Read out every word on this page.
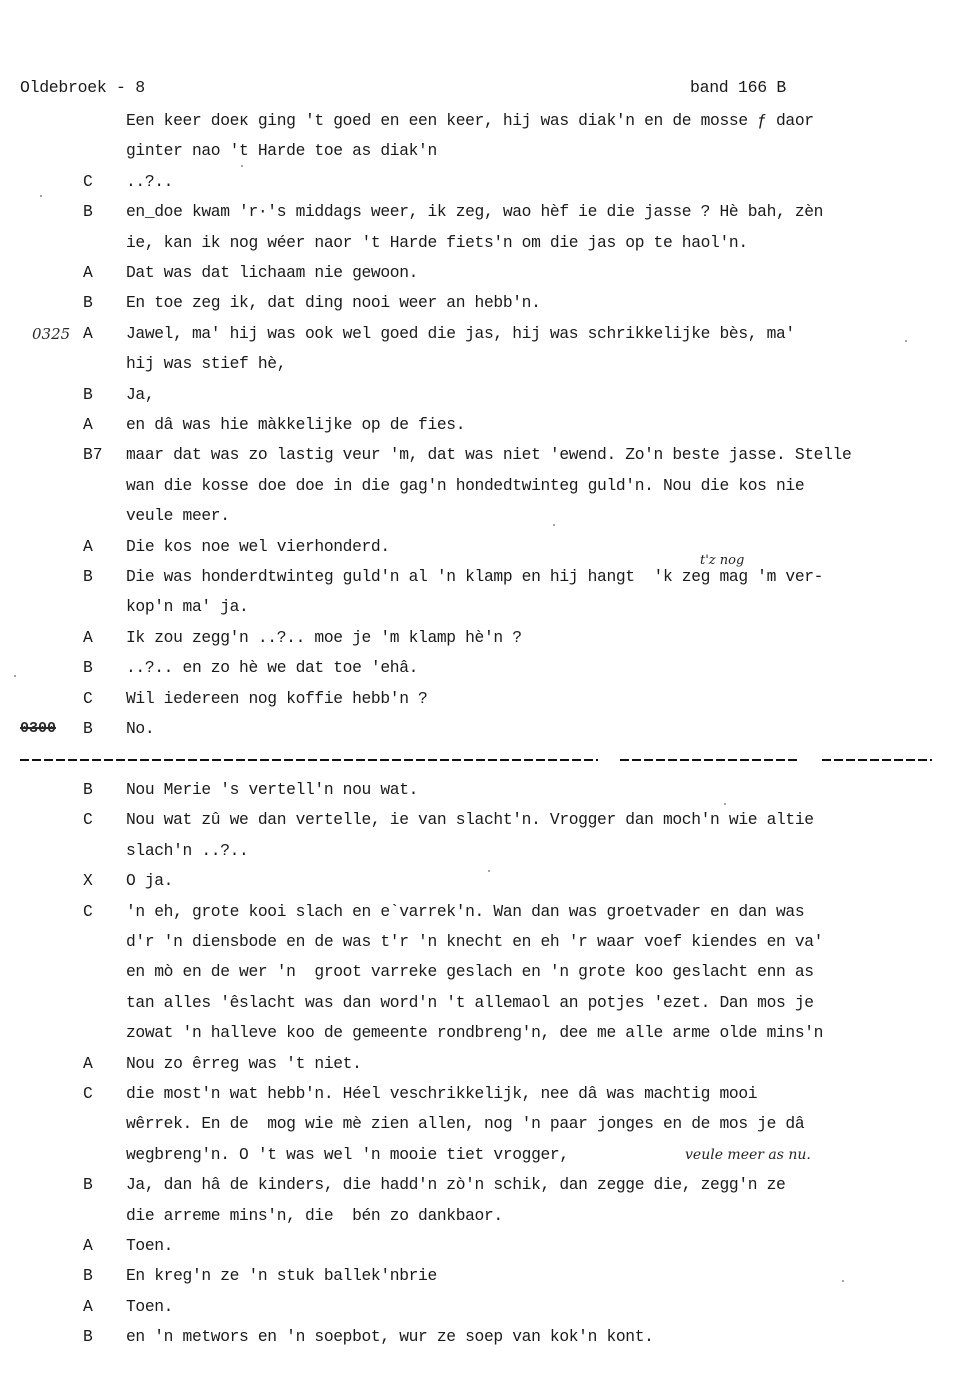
Oldebroek - 8	band 166 B
Een keer doeĸ ging 't goed en een keer, hij was diak'n en de mosse ƒ daor
ginter nao 't Harde toe as diak'n
C	..?..
B	en_doe kwam 'r·'s middags weer, ik zeg, wao hèf ie die jasse ? Hè bah, zèn
ie, kan ik nog wéer naor 't Harde fiets'n om die jas op te haol'n.
A	Dat was dat lichaam nie gewoon.
B	En toe zeg ik, dat ding nooi weer an hebb'n.
0325 A	Jawel, ma' hij was ook wel goed die jas, hij was schrikkelijke bès, ma'
hij was stief hè,
B	Ja,
A	en dâ was hie màkkelijke op de fies.
B7 maar dat was zo lastig veur 'm, dat was niet 'ewend. Zo'n beste jasse. Stelle
wan die kosse doe doe in die gag'n hondedtwinteg guld'n. Nou die kos nie
veule meer.
A	Die kos noe wel vierhonderd.
B	Die was honderdtwinteg guld'n al 'n klamp en hij hangt  'k zeg mag 'm ver-
t'z nog
kop'n ma' ja.
A	Ik zou zegg'n ..?.. moe je 'm klamp hè'n ?
B	..?.. en zo hè we dat toe 'ehâ.
C	Wil iedereen nog koffie hebb'n ?
0300 B	No.
B	Nou Merie 's vertell'n nou wat.
C	Nou wat zû we dan vertelle, ie van slacht'n. Vrogger dan moch'n wie altie
slach'n ..?..
X	O ja.
C	'n eh, grote kooi slach en e`varrek'n. Wan dan was groetvader en dan was
d'r 'n diensbode en de was t'r 'n knecht en eh 'r waar voef kiendes en va'
en mò en de wer 'n  groot varreke geslach en 'n grote koo geslacht enn as
tan alles 'êslacht was dan word'n 't allemaol an potjes 'ezet. Dan mos je
zowat 'n halleve koo de gemeente rondbreng'n, dee me alle arme olde mins'n
A	Nou zo êrreg was 't niet.
C	die most'n wat hebb'n. Héel veschrikkelijk, nee dâ was machtig mooi
wêrrek. En de  mog wie mè zien allen, nog 'n paar jonges en de mos je dâ
wegbreng'n. O 't was wel 'n mooie tiet vrogger,	veule meer as nu.
B	Ja, dan hâ de kinders, die hadd'n zò'n schik, dan zegge die, zegg'n ze
die arreme mins'n, die  bén zo dankbaor.
A	Toen.
B	En kreg'n ze 'n stuk ballek'nbrie
A	Toen.
B	en 'n metwors en 'n soepbot, wur ze soep van kok'n kont.
